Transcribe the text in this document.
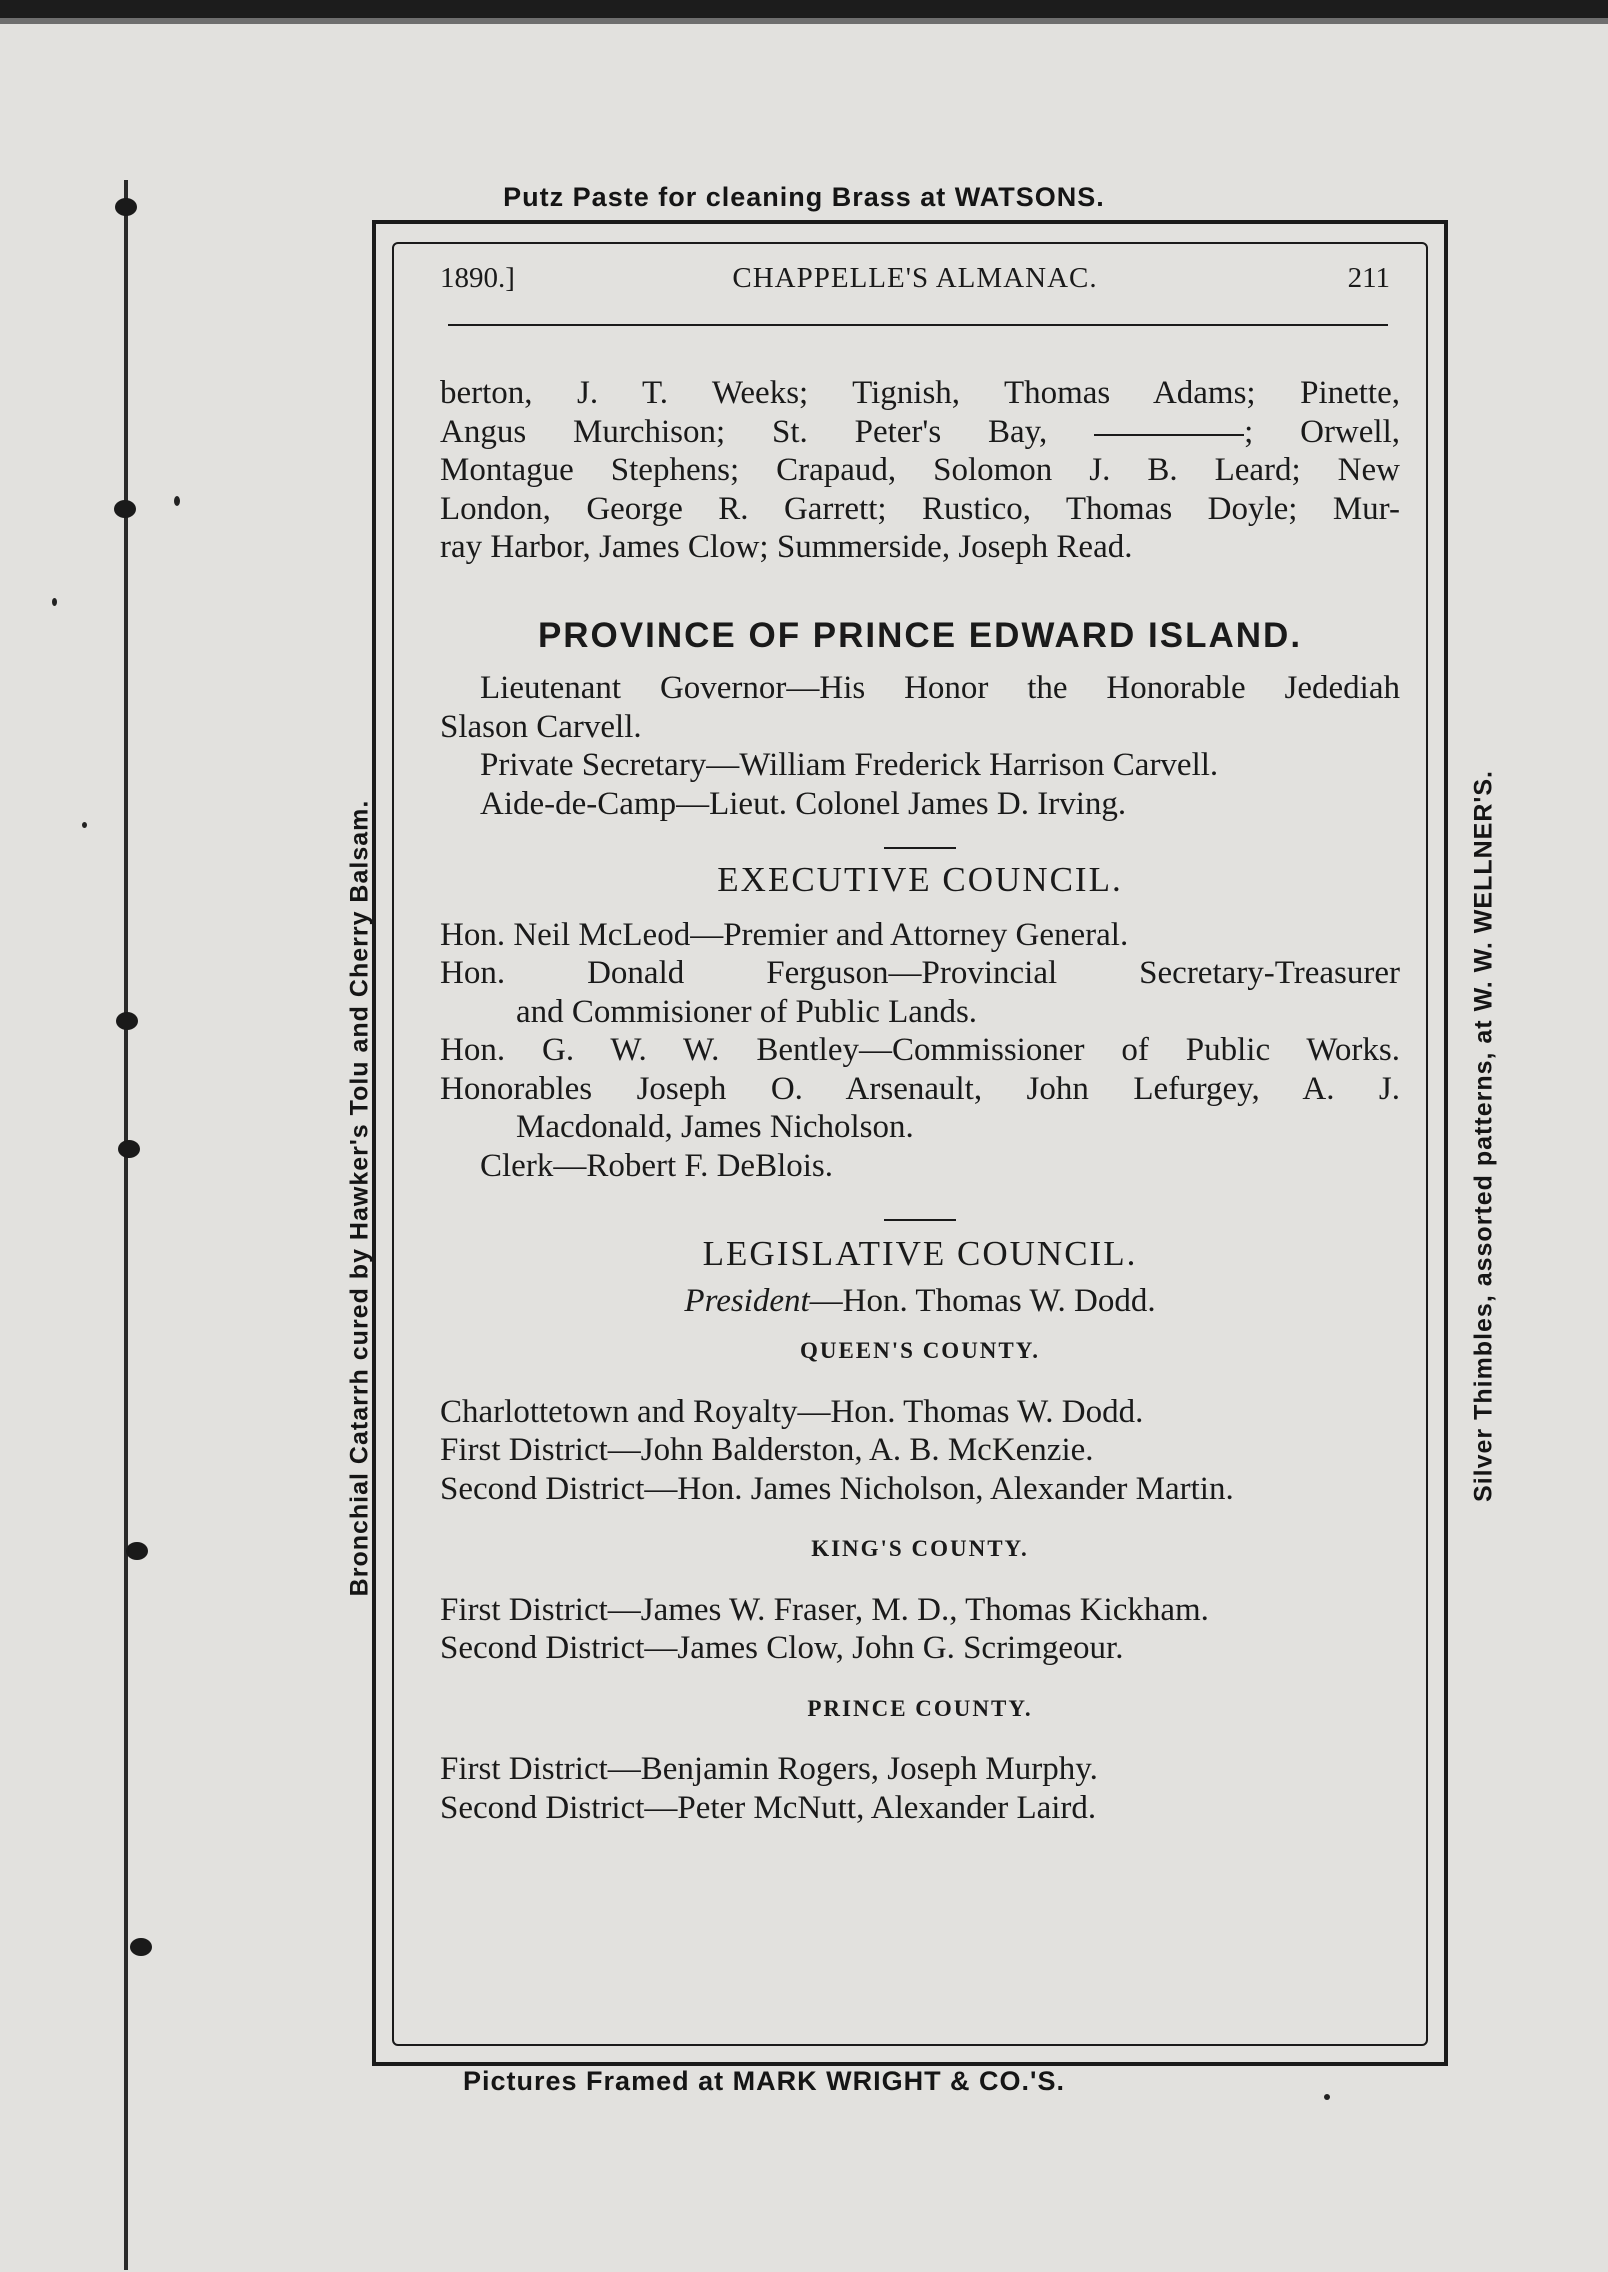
Putz Paste for cleaning Brass at WATSONS.
Pictures Framed at MARK WRIGHT & CO.'S.
Bronchial Catarrh cured by Hawker's Tolu and Cherry Balsam.	Silver Thimbles, assorted patterns, at W. W. WELLNER'S.
1890.]	CHAPPELLE'S ALMANAC.	211

berton, J. T. Weeks; Tignish, Thomas Adams; Pinette,

Angus Murchison; St. Peter's Bay,	; Orwell,

Montague Stephens; Crapaud, Solomon J. B. Leard; New

London, George R. Garrett; Rustico, Thomas Doyle; Mur-

ray Harbor, James Clow; Summerside, Joseph Read.

PROVINCE OF PRINCE EDWARD ISLAND.

Lieutenant Governor—His Honor the Honorable Jedediah

Slason Carvell.

Private Secretary—William Frederick Harrison Carvell.

Aide-de-Camp—Lieut. Colonel James D. Irving.

EXECUTIVE COUNCIL.

Hon. Neil McLeod—Premier and Attorney General.

Hon. Donald Ferguson—Provincial Secretary-Treasurer

and Commisioner of Public Lands.

Hon. G. W. W. Bentley—Commissioner of Public Works.

Honorables Joseph O. Arsenault, John Lefurgey, A. J.

Macdonald, James Nicholson.

Clerk—Robert F. DeBlois.

LEGISLATIVE COUNCIL.

President—Hon. Thomas W. Dodd.

QUEEN'S COUNTY.

Charlottetown and Royalty—Hon. Thomas W. Dodd.

First District—John Balderston, A. B. McKenzie.

Second District—Hon. James Nicholson, Alexander Martin.

KING'S COUNTY.

First District—James W. Fraser, M. D., Thomas Kickham.

Second District—James Clow, John G. Scrimgeour.

PRINCE COUNTY.

First District—Benjamin Rogers, Joseph Murphy.

Second District—Peter McNutt, Alexander Laird.
